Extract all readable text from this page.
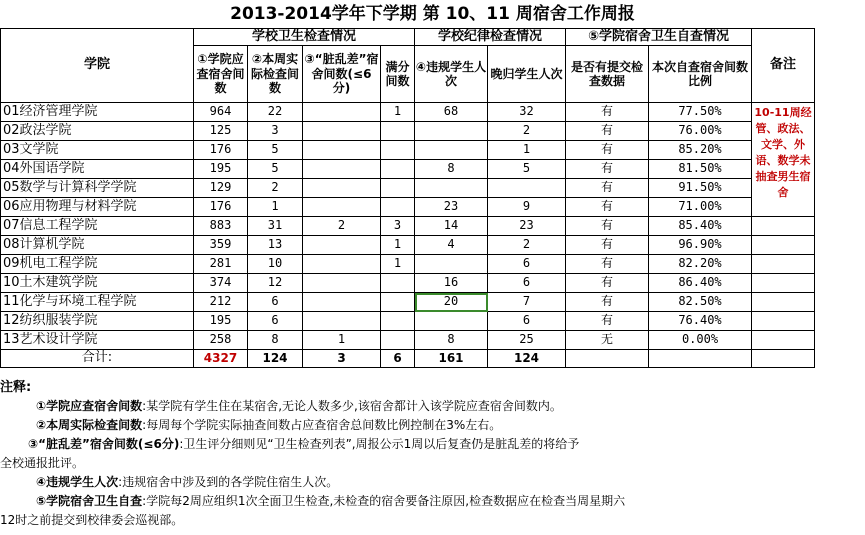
2013-2014学年下学期 第 10、11 周宿舍工作周报
学院	学校卫生检查情况				学校纪律检查情况		⑤学院宿舍卫生自查情况		备注
	①学院应查宿舍间数	②本周实际检查间数	③“脏乱差”宿舍间数(≤6分)	满分间数	④违规学生人次	晚归学生人次	是否有提交检查数据	本次自查宿舍间数比例	
01经济管理学院	964	22		1	68	32	有	77.50%	10-11周经管、政法、文学、外语、数学未抽查男生宿舍
02政法学院	125	3				2	有	76.00%	
03文学院	176	5				1	有	85.20%	
04外国语学院	195	5			8	5	有	81.50%	
05数学与计算科学学院	129	2					有	91.50%	
06应用物理与材料学院	176	1			23	9	有	71.00%	
07信息工程学院	883	31	2	3	14	23	有	85.40%	
08计算机学院	359	13		1	4	2	有	96.90%	
09机电工程学院	281	10		1		6	有	82.20%	
10土木建筑学院	374	12			16	6	有	86.40%	
11化学与环境工程学院	212	6			20	7	有	82.50%	
12纺织服装学院	195	6				6	有	76.40%	
13艺术设计学院	258	8	1		8	25	无	0.00%	
合计:	4327	124	3	6	161	124			
注释:
①学院应查宿舍间数:某学院有学生住在某宿舍,无论人数多少,该宿舍都计入该学院应查宿舍间数内。
②本周实际检查间数:每周每个学院实际抽查间数占应查宿舍总间数比例控制在3%左右。
③“脏乱差”宿舍间数(≤6分):卫生评分细则见“卫生检查列表”,周报公示1周以后复查仍是脏乱差的将给予
全校通报批评。
④违规学生人次:违规宿舍中涉及到的各学院住宿生人次。
⑤学院宿舍卫生自查:学院每2周应组织1次全面卫生检查,未检查的宿舍要备注原因,检查数据应在检查当周星期六
12时之前提交到校律委会巡视部。
